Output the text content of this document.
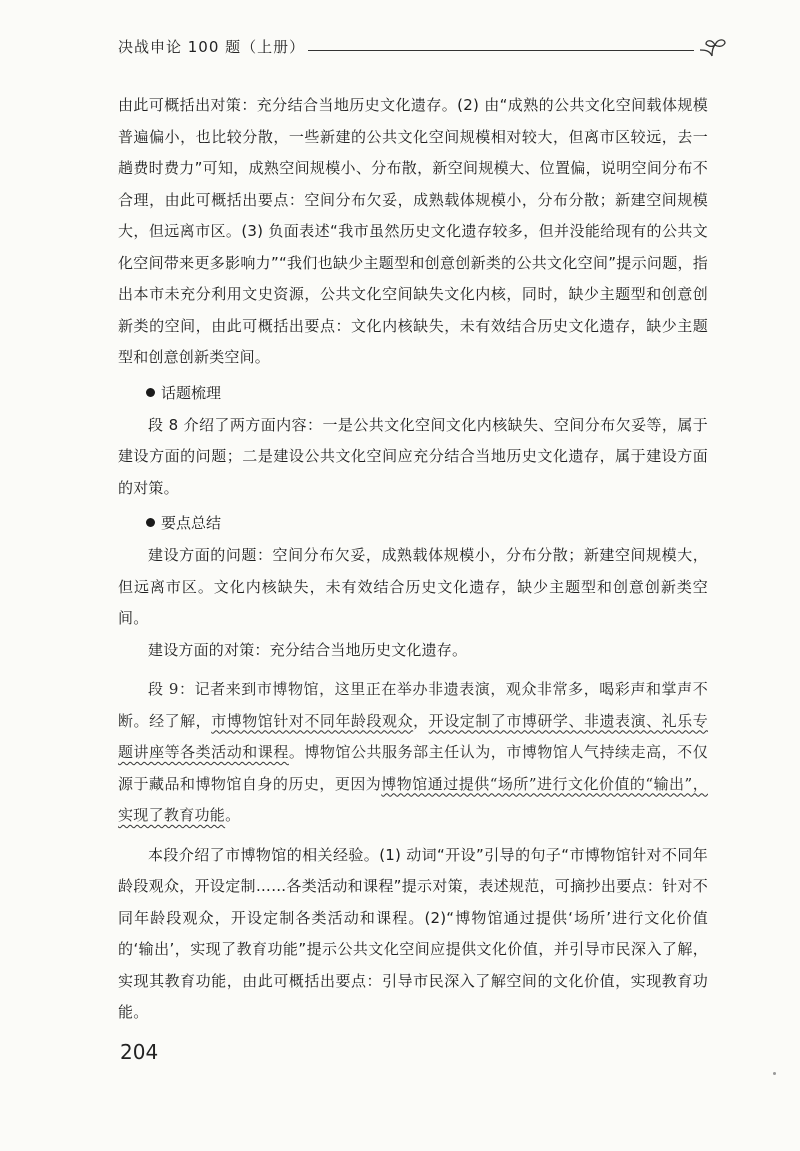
决战申论 100 题（上册）

由此可概括出对策：充分结合当地历史文化遗存。(2) 由“成熟的公共文化空间载体规模普遍偏小，也比较分散，一些新建的公共文化空间规模相对较大，但离市区较远，去一趟费时费力”可知，成熟空间规模小、分布散，新空间规模大、位置偏，说明空间分布不合理，由此可概括出要点：空间分布欠妥，成熟载体规模小，分布分散；新建空间规模大，但远离市区。(3) 负面表述“我市虽然历史文化遗存较多，但并没能给现有的公共文化空间带来更多影响力”“我们也缺少主题型和创意创新类的公共文化空间”提示问题，指出本市未充分利用文史资源，公共文化空间缺失文化内核，同时，缺少主题型和创意创新类的空间，由此可概括出要点：文化内核缺失，未有效结合历史文化遗存，缺少主题型和创意创新类空间。

话题梳理

段 8 介绍了两方面内容：一是公共文化空间文化内核缺失、空间分布欠妥等，属于建设方面的问题；二是建设公共文化空间应充分结合当地历史文化遗存，属于建设方面的对策。

要点总结

建设方面的问题：空间分布欠妥，成熟载体规模小，分布分散；新建空间规模大，但远离市区。文化内核缺失，未有效结合历史文化遗存，缺少主题型和创意创新类空间。

建设方面的对策：充分结合当地历史文化遗存。

段 9：记者来到市博物馆，这里正在举办非遗表演，观众非常多，喝彩声和掌声不断。经了解，市博物馆针对不同年龄段观众，开设定制了市博研学、非遗表演、礼乐专题讲座等各类活动和课程。博物馆公共服务部主任认为，市博物馆人气持续走高，不仅源于藏品和博物馆自身的历史，更因为博物馆通过提供“场所”进行文化价值的“输出”，实现了教育功能。

本段介绍了市博物馆的相关经验。(1) 动词“开设”引导的句子“市博物馆针对不同年龄段观众，开设定制……各类活动和课程”提示对策，表述规范，可摘抄出要点：针对不同年龄段观众，开设定制各类活动和课程。(2)“博物馆通过提供‘场所’进行文化价值的‘输出’，实现了教育功能”提示公共文化空间应提供文化价值，并引导市民深入了解，实现其教育功能，由此可概括出要点：引导市民深入了解空间的文化价值，实现教育功能。

204
